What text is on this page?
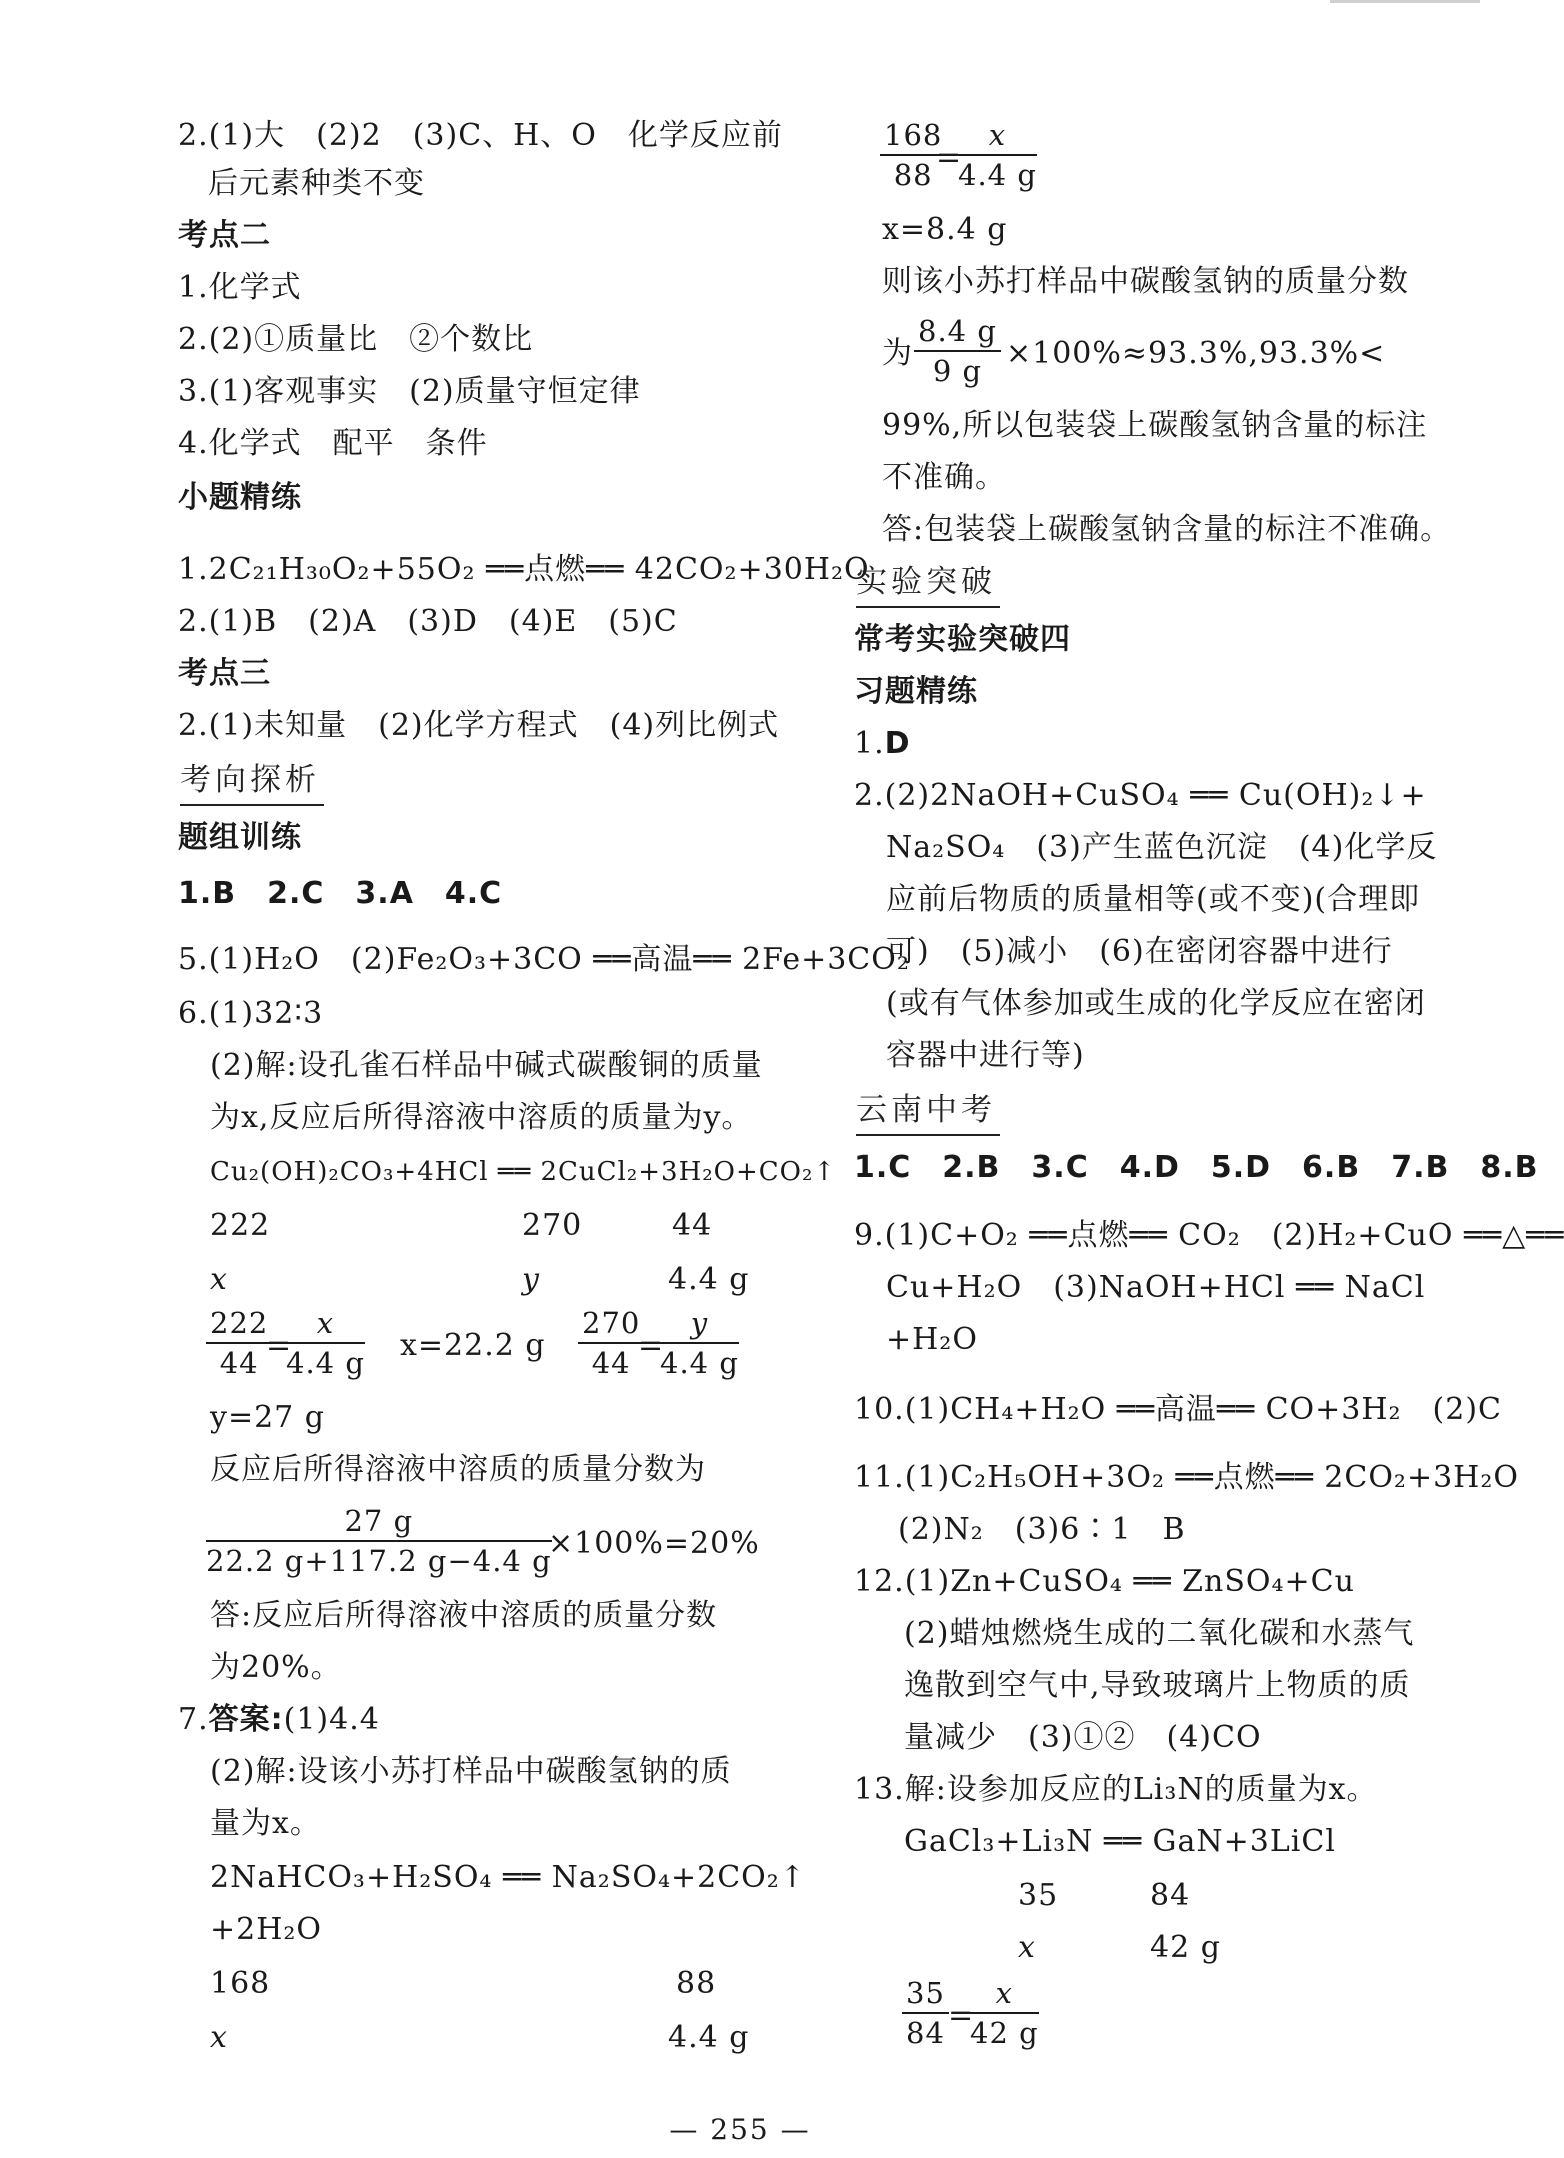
2.(1)大　(2)2　(3)C、H、O　化学反应前
后元素种类不变
考点二
1.化学式
2.(2)①质量比　②个数比
3.(1)客观事实　(2)质量守恒定律
4.化学式　配平　条件
小题精练
1.2C₂₁H₃₀O₂+55O₂ ══点燃══ 42CO₂+30H₂O
2.(1)B　(2)A　(3)D　(4)E　(5)C
考点三
2.(1)未知量　(2)化学方程式　(4)列比例式
考向探析
题组训练
1.B　2.C　3.A　4.C
5.(1)H₂O　(2)Fe₂O₃+3CO ══高温══ 2Fe+3CO₂
6.(1)32∶3
(2)解:设孔雀石样品中碱式碳酸铜的质量
为x,反应后所得溶液中溶质的质量为y。
Cu₂(OH)₂CO₃+4HCl ══ 2CuCl₂+3H₂O+CO₂↑
222	270	44
x	y	4.4 g
$\frac{222}{44}$
=
$\frac{x}{4.4 g} x=22.2$ g $\frac{270}{44}$
=
$\frac{y}{4.4 g}$
y=27 g
反应后所得溶液中溶质的质量分数为
$\frac{27 g}{22.2 g+117.2 g-4.4 g}$
×100%=20%
答:反应后所得溶液中溶质的质量分数
为20%。
7.答案:(1)4.4
(2)解:设该小苏打样品中碳酸氢钠的质
量为x。
2NaHCO₃+H₂SO₄ ══ Na₂SO₄+2CO₂↑
+2H₂O
168	88
x	4.4 g
$\frac{168}{88}$
=
$\frac{x}{4.4 g}$
x=8.4 g
则该小苏打样品中碳酸氢钠的质量分数
为 $\frac{8.4 g}{9 g} \times 100\%\approx 93.3\%,93.3\%<$
99%,所以包装袋上碳酸氢钠含量的标注
不准确。
答:包装袋上碳酸氢钠含量的标注不准确。
实验突破
常考实验突破四
习题精练
1.D
2.(2)2NaOH+CuSO₄ ══ Cu(OH)₂↓+
Na₂SO₄　(3)产生蓝色沉淀　(4)化学反
应前后物质的质量相等(或不变)(合理即
可)　(5)减小　(6)在密闭容器中进行
(或有气体参加或生成的化学反应在密闭
容器中进行等)
云南中考
1.C　2.B　3.C　4.D　5.D　6.B　7.B　8.B
9.(1)C+O₂ ══点燃══ CO₂　(2)H₂+CuO ══△══
Cu+H₂O　(3)NaOH+HCl ══ NaCl
+H₂O
10.(1)CH₄+H₂O ══高温══ CO+3H₂　(2)C
11.(1)C₂H₅OH+3O₂ ══点燃══ 2CO₂+3H₂O
(2)N₂　(3)6∶1　B
12.(1)Zn+CuSO₄ ══ ZnSO₄+Cu
(2)蜡烛燃烧生成的二氧化碳和水蒸气
逸散到空气中,导致玻璃片上物质的质
量减少　(3)①②　(4)CO
13.解:设参加反应的Li₃N的质量为x。
GaCl₃+Li₃N ══ GaN+3LiCl
35	84
x	42 g
$\frac{35}{84}$ =
$\frac{x}{42 g}$
— 255 —
